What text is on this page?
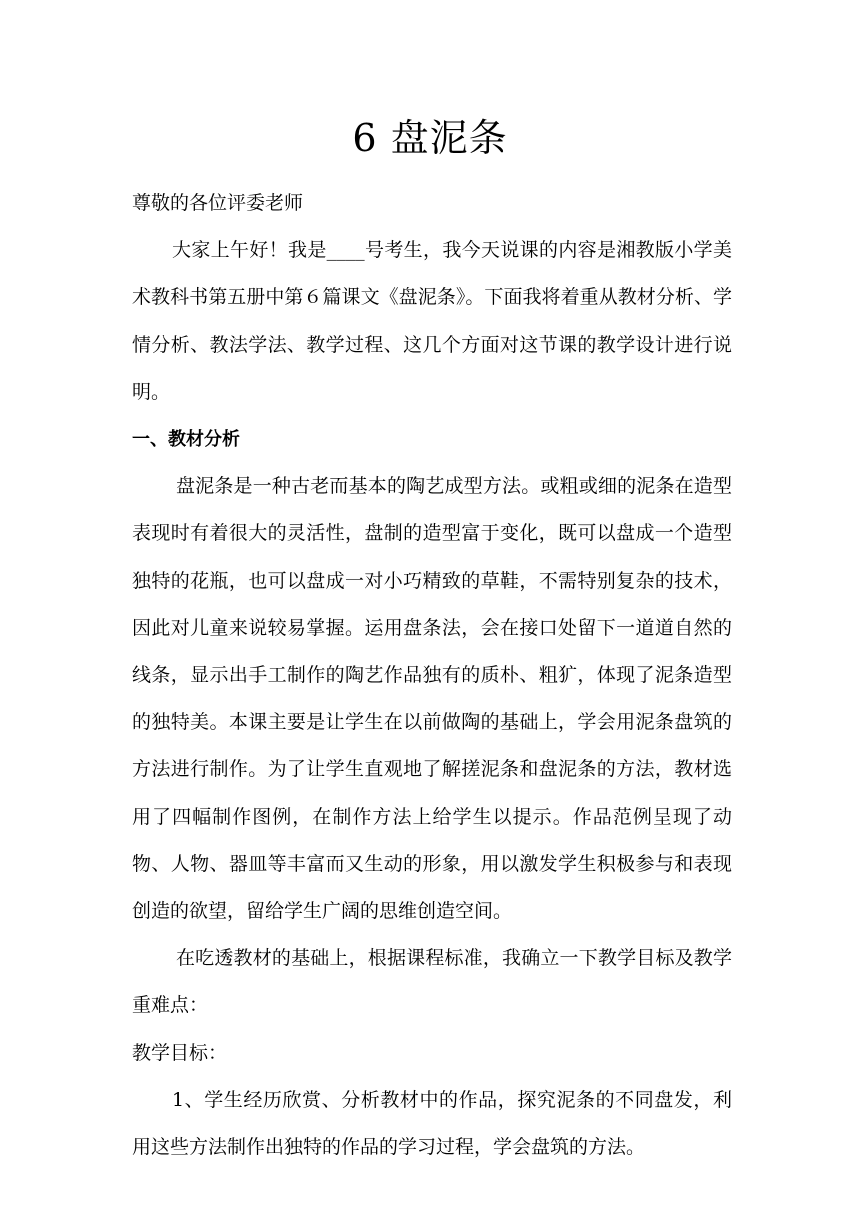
6 盘泥条

尊敬的各位评委老师

大家上午好！我是____号考生，我今天说课的内容是湘教版小学美术教科书第五册中第６篇课文《盘泥条》。下面我将着重从教材分析、学情分析、教法学法、教学过程、这几个方面对这节课的教学设计进行说明。

一、教材分析

盘泥条是一种古老而基本的陶艺成型方法。或粗或细的泥条在造型表现时有着很大的灵活性，盘制的造型富于变化，既可以盘成一个造型独特的花瓶，也可以盘成一对小巧精致的草鞋，不需特别复杂的技术，因此对儿童来说较易掌握。运用盘条法，会在接口处留下一道道自然的线条，显示出手工制作的陶艺作品独有的质朴、粗犷，体现了泥条造型的独特美。本课主要是让学生在以前做陶的基础上，学会用泥条盘筑的方法进行制作。为了让学生直观地了解搓泥条和盘泥条的方法，教材选用了四幅制作图例，在制作方法上给学生以提示。作品范例呈现了动物、人物、器皿等丰富而又生动的形象，用以激发学生积极参与和表现创造的欲望，留给学生广阔的思维创造空间。

在吃透教材的基础上，根据课程标准，我确立一下教学目标及教学重难点：

教学目标：

1、学生经历欣赏、分析教材中的作品，探究泥条的不同盘发，利用这些方法制作出独特的作品的学习过程，学会盘筑的方法。
